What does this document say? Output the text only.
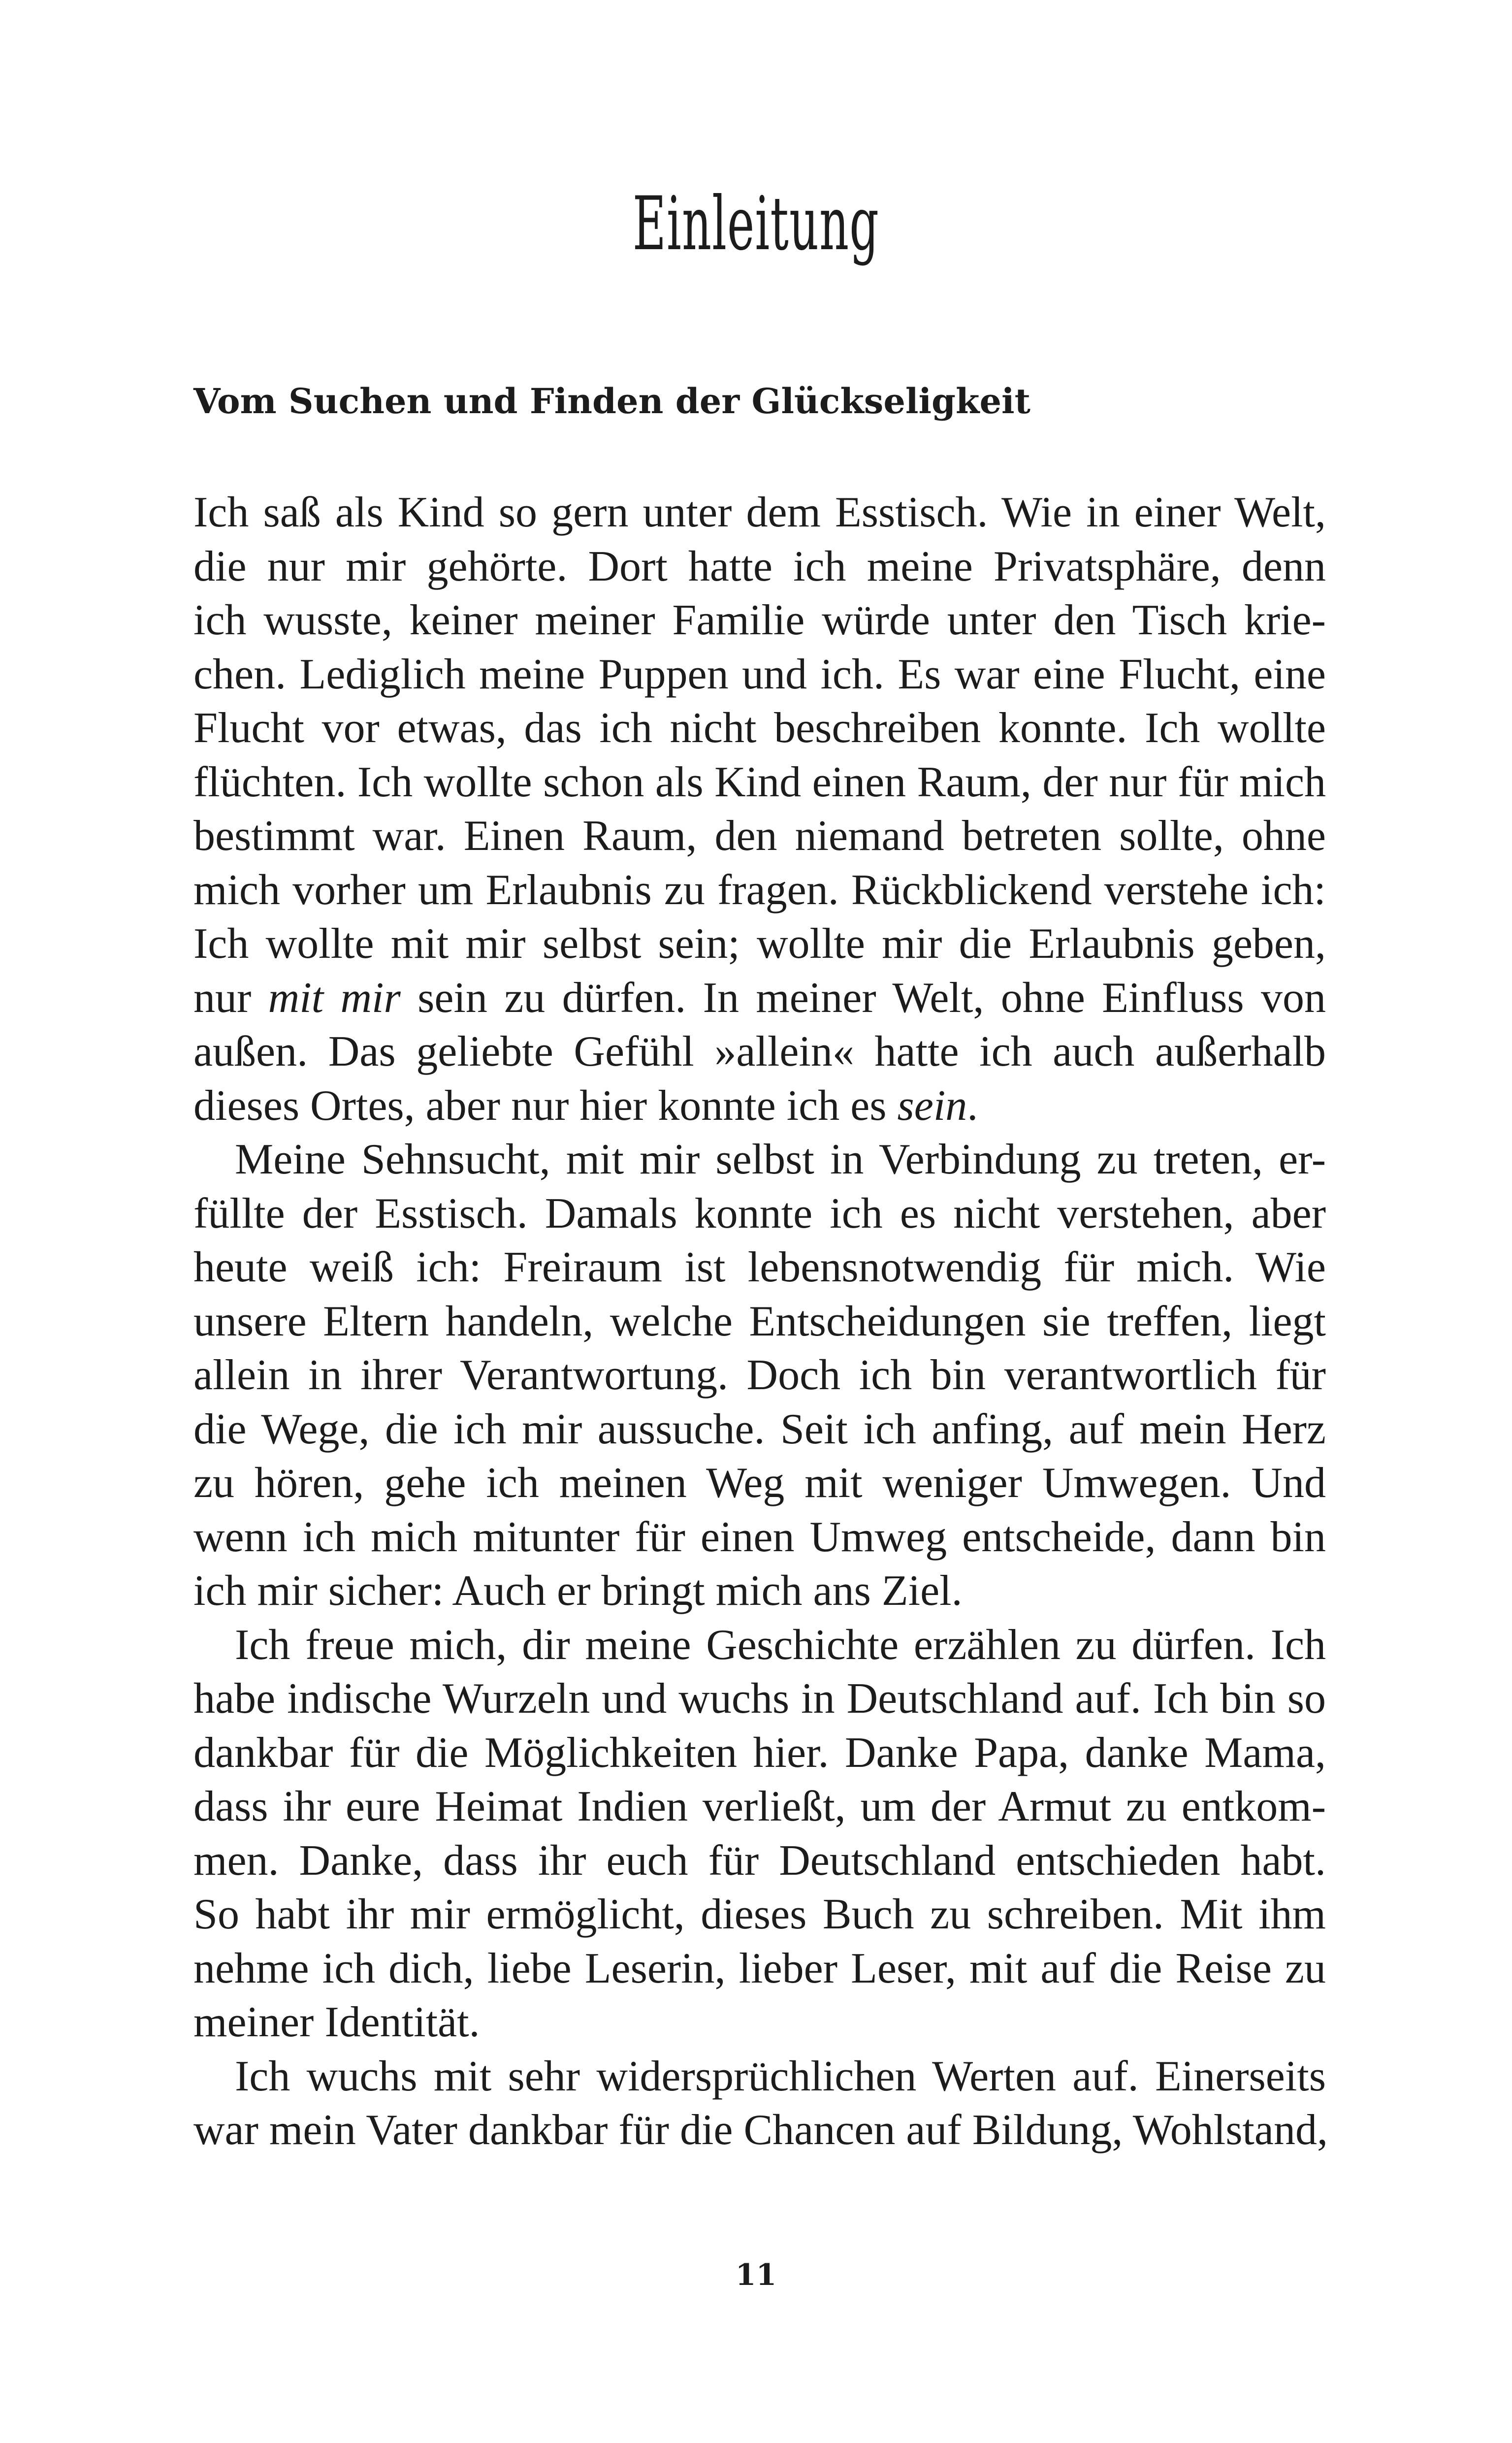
Einleitung
Vom Suchen und Finden der Glückseligkeit
Ich saß als Kind so gern unter dem Esstisch. Wie in einer Welt,
die nur mir gehörte. Dort hatte ich meine Privatsphäre, denn
ich wusste, keiner meiner Familie würde unter den Tisch krie-
chen. Lediglich meine Puppen und ich. Es war eine Flucht, eine
Flucht vor etwas, das ich nicht beschreiben konnte. Ich wollte
flüchten. Ich wollte schon als Kind einen Raum, der nur für mich
bestimmt war. Einen Raum, den niemand betreten sollte, ohne
mich vorher um Erlaubnis zu fragen. Rückblickend verstehe ich:
Ich wollte mit mir selbst sein; wollte mir die Erlaubnis geben,
nur mit mir sein zu dürfen. In meiner Welt, ohne Einfluss von
außen. Das geliebte Gefühl »allein« hatte ich auch außerhalb
dieses Ortes, aber nur hier konnte ich es sein.
Meine Sehnsucht, mit mir selbst in Verbindung zu treten, er-
füllte der Esstisch. Damals konnte ich es nicht verstehen, aber
heute weiß ich: Freiraum ist lebensnotwendig für mich. Wie
unsere Eltern handeln, welche Entscheidungen sie treffen, liegt
allein in ihrer Verantwortung. Doch ich bin verantwortlich für
die Wege, die ich mir aussuche. Seit ich anfing, auf mein Herz
zu hören, gehe ich meinen Weg mit weniger Umwegen. Und
wenn ich mich mitunter für einen Umweg entscheide, dann bin
ich mir sicher: Auch er bringt mich ans Ziel.
Ich freue mich, dir meine Geschichte erzählen zu dürfen. Ich
habe indische Wurzeln und wuchs in Deutschland auf. Ich bin so
dankbar für die Möglichkeiten hier. Danke Papa, danke Mama,
dass ihr eure Heimat Indien verließt, um der Armut zu entkom-
men. Danke, dass ihr euch für Deutschland entschieden habt.
So habt ihr mir ermöglicht, dieses Buch zu schreiben. Mit ihm
nehme ich dich, liebe Leserin, lieber Leser, mit auf die Reise zu
meiner Identität.
Ich wuchs mit sehr widersprüchlichen Werten auf. Einerseits
war mein Vater dankbar für die Chancen auf Bildung, Wohlstand,
11
